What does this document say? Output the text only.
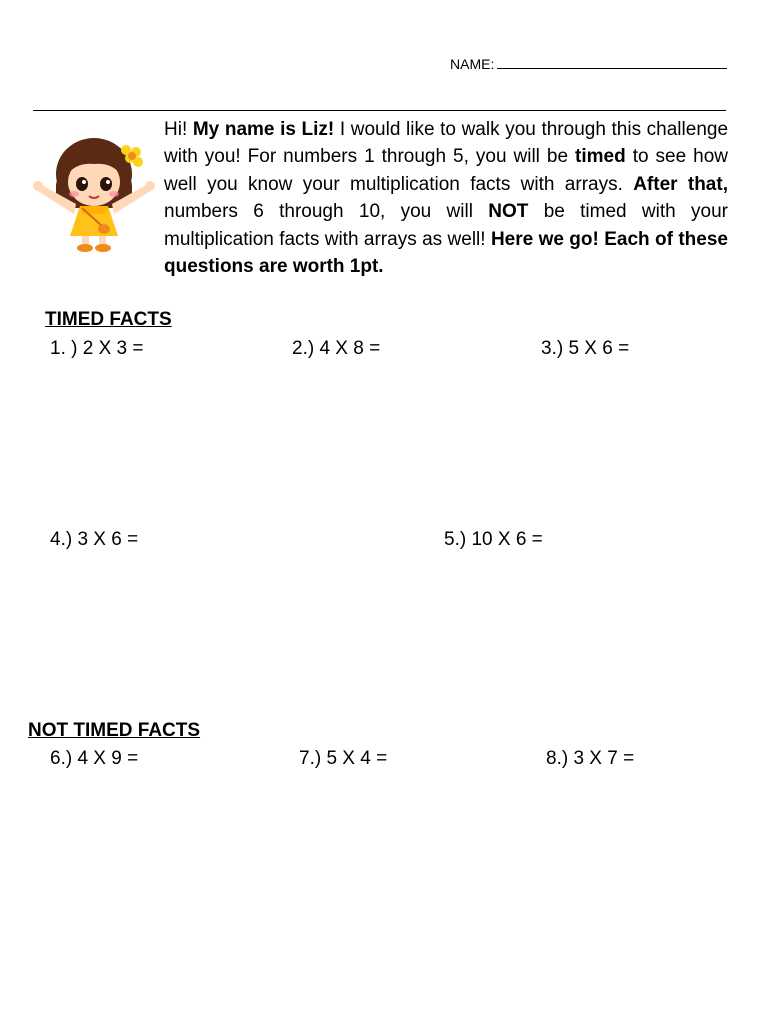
NAME:

Hi! My name is Liz! I would like to walk you through this challenge with you! For numbers 1 through 5, you will be timed to see how well you know your multiplication facts with arrays. After that, numbers 6 through 10, you will NOT be timed with your multiplication facts with arrays as well! Here we go! Each of these questions are worth 1pt.

TIMED FACTS
1. ) 2 X 3 =	2.) 4 X 8 =	3.) 5 X 6 =
4.) 3 X 6 =	5.) 10 X 6 =
NOT TIMED FACTS
6.) 4 X 9 =	7.) 5 X 4 =	8.) 3 X 7 =
